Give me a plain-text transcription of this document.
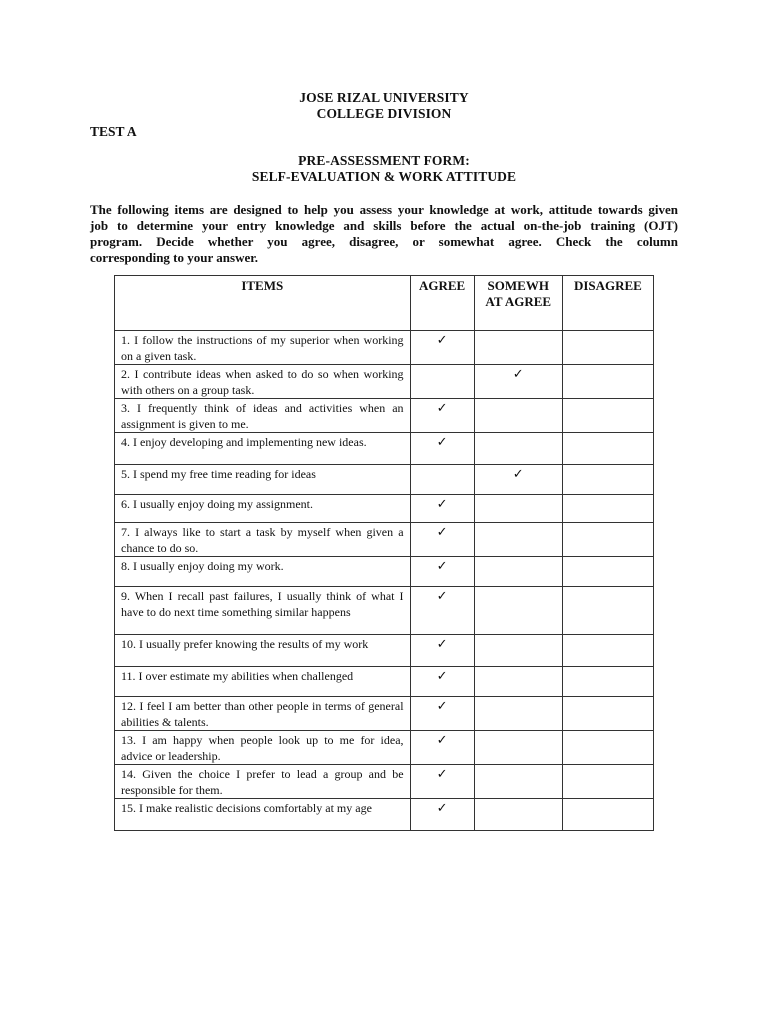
JOSE RIZAL UNIVERSITY
COLLEGE DIVISION
TEST A
PRE-ASSESSMENT FORM:
SELF-EVALUATION & WORK ATTITUDE
The following items are designed to help you assess your knowledge at work, attitude towards given
job to determine your entry knowledge and skills before the actual on-the-job training (OJT)
program. Decide whether you agree, disagree, or somewhat agree. Check the column
corresponding to your answer.
ITEMS	AGREE	SOMEWH AT AGREE	DISAGREE
1. I follow the instructions of my superior when working on a given task.	✓		
2. I contribute ideas when asked to do so when working with others on a group task.		✓	
3. I frequently think of ideas and activities when an assignment is given to me.	✓		
4. I enjoy developing and implementing new ideas.	✓		
5. I spend my free time reading for ideas		✓	
6. I usually enjoy doing my assignment.	✓		
7. I always like to start a task by myself when given a chance to do so.	✓		
8. I usually enjoy doing my work.	✓		
9. When I recall past failures, I usually think of what I have to do next time something similar happens	✓		
10. I usually prefer knowing the results of my work	✓		
11. I over estimate my abilities when challenged	✓		
12. I feel I am better than other people in terms of general abilities & talents.	✓		
13. I am happy when people look up to me for idea, advice or leadership.	✓		
14. Given the choice I prefer to lead a group and be responsible for them.	✓		
15. I make realistic decisions comfortably at my age	✓		
